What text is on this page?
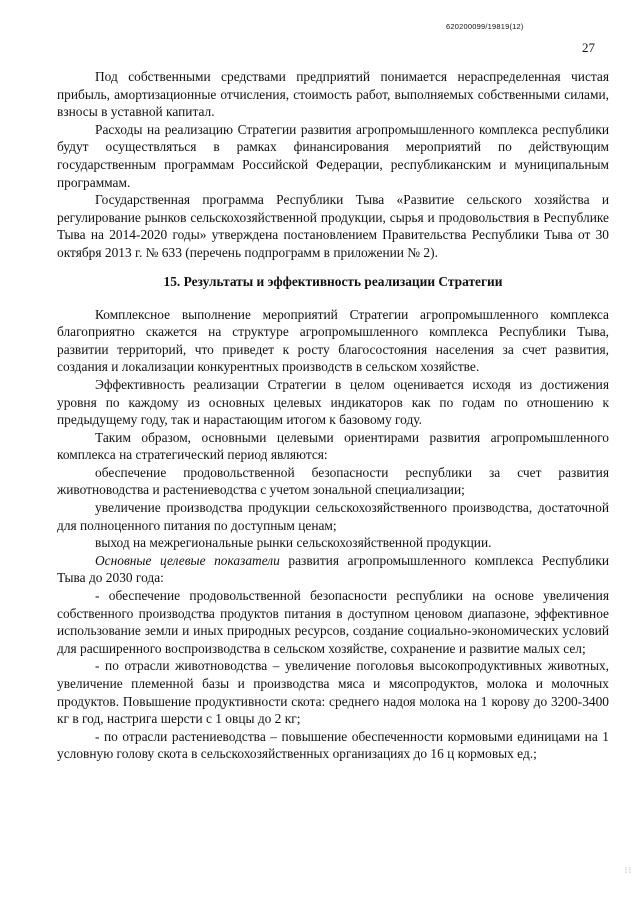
620200099/19819(12)
27

Под собственными средствами предприятий понимается нераспределенная чистая прибыль, амортизационные отчисления, стоимость работ, выполняемых собственными силами, взносы в уставной капитал.

Расходы на реализацию Стратегии развития агропромышленного комплекса республики будут осуществляться в рамках финансирования мероприятий по действующим государственным программам Российской Федерации, республиканским и муниципальным программам.

Государственная программа Республики Тыва «Развитие сельского хозяйства и регулирование рынков сельскохозяйственной продукции, сырья и продовольствия в Республике Тыва на 2014-2020 годы» утверждена постановлением Правительства Республики Тыва от 30 октября 2013 г. № 633 (перечень подпрограмм в приложении № 2).

15. Результаты и эффективность реализации Стратегии

Комплексное выполнение мероприятий Стратегии агропромышленного комплекса благоприятно скажется на структуре агропромышленного комплекса Республики Тыва, развитии территорий, что приведет к росту благосостояния населения за счет развития, создания и локализации конкурентных производств в сельском хозяйстве.

Эффективность реализации Стратегии в целом оценивается исходя из достижения уровня по каждому из основных целевых индикаторов как по годам по отношению к предыдущему году, так и нарастающим итогом к базовому году.

Таким образом, основными целевыми ориентирами развития агропромышленного комплекса на стратегический период являются:

обеспечение продовольственной безопасности республики за счет развития животноводства и растениеводства с учетом зональной специализации;

увеличение производства продукции сельскохозяйственного производства, достаточной для полноценного питания по доступным ценам;

выход на межрегиональные рынки сельскохозяйственной продукции.

Основные целевые показатели развития агропромышленного комплекса Республики Тыва до 2030 года:

- обеспечение продовольственной безопасности республики на основе увеличения собственного производства продуктов питания в доступном ценовом диапазоне, эффективное использование земли и иных природных ресурсов, создание социально-экономических условий для расширенного воспроизводства в сельском хозяйстве, сохранение и развитие малых сел;

- по отрасли животноводства – увеличение поголовья высокопродуктивных животных, увеличение племенной базы и производства мяса и мясопродуктов, молока и молочных продуктов. Повышение продуктивности скота: среднего надоя молока на 1 корову до 3200-3400 кг в год, настрига шерсти с 1 овцы до 2 кг;

- по отрасли растениеводства – повышение обеспеченности кормовыми единицами на 1 условную голову скота в сельскохозяйственных организациях до 16 ц кормовых ед.;

⁞ ⁞
